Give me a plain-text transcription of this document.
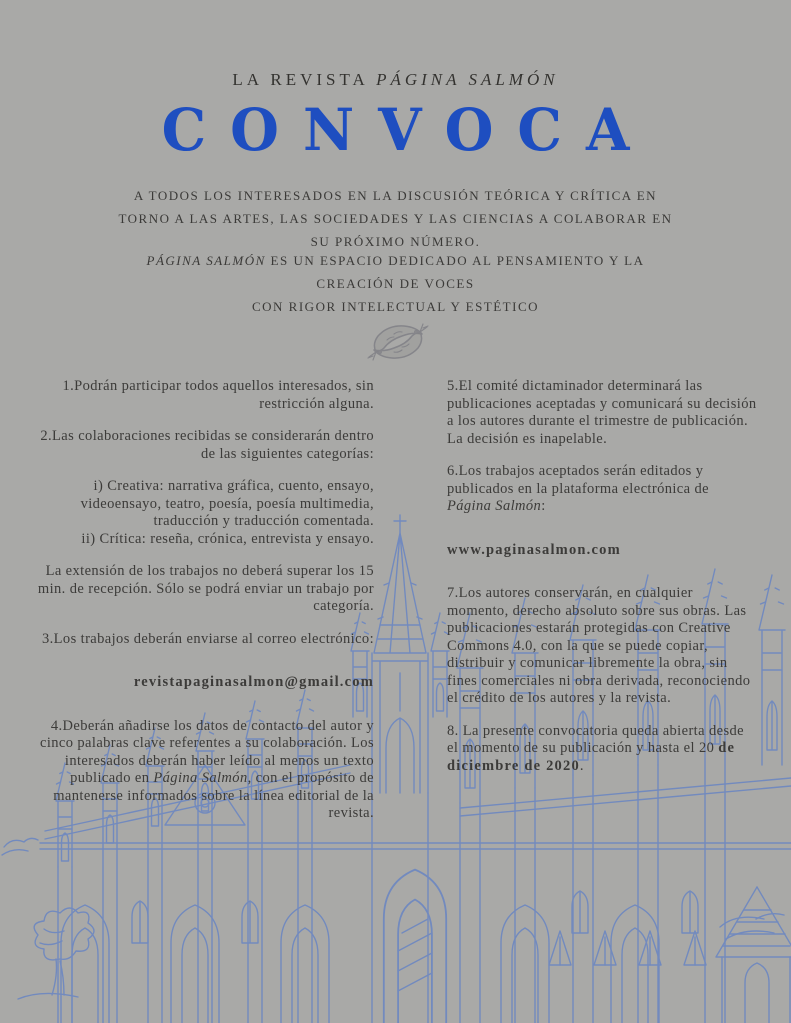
LA REVISTA PÁGINA SALMÓN
CONVOCA

A TODOS LOS INTERESADOS EN LA DISCUSIÓN TEÓRICA Y CRÍTICA EN
TORNO A LAS ARTES, LAS SOCIEDADES Y LAS CIENCIAS A COLABORAR EN
SU PRÓXIMO NÚMERO.

PÁGINA SALMÓN ES UN ESPACIO DEDICADO AL PENSAMIENTO Y LA
CREACIÓN DE VOCES
CON RIGOR INTELECTUAL Y ESTÉTICO

1.Podrán participar todos aquellos interesados, sin restricción alguna.

2.Las colaboraciones recibidas se considerarán dentro de las siguientes categorías:

i) Creativa: narrativa gráfica, cuento, ensayo, videoensayo, teatro, poesía, poesía multimedia, traducción y traducción comentada.
ii) Crítica: reseña, crónica, entrevista y ensayo.

La extensión de los trabajos no deberá superar los 15 min. de recepción. Sólo se podrá enviar un trabajo por categoría.

3.Los trabajos deberán enviarse al correo electrónico:

revistapaginasalmon@gmail.com

4.Deberán añadirse los datos de contacto del autor y cinco palabras clave referentes a su colaboración. Los interesados deberán haber leído al menos un texto publicado en Página Salmón, con el propósito de mantenerse informados sobre la línea editorial de la revista.

5.El comité dictaminador determinará las publicaciones aceptadas y comunicará su decisión a los autores durante el trimestre de publicación. La decisión es inapelable.

6.Los trabajos aceptados serán editados y publicados en la plataforma electrónica de Página Salmón:

www.paginasalmon.com

7.Los autores conservarán, en cualquier momento, derecho absoluto sobre sus obras. Las publicaciones estarán protegidas con Creative Commons 4.0, con la que se puede copiar, distribuir y comunicar libremente la obra, sin fines comerciales ni obra derivada, reconociendo el crédito de los autores y la revista.

8. La presente convocatoria queda abierta desde el momento de su publicación y hasta el 20 de diciembre de 2020.
